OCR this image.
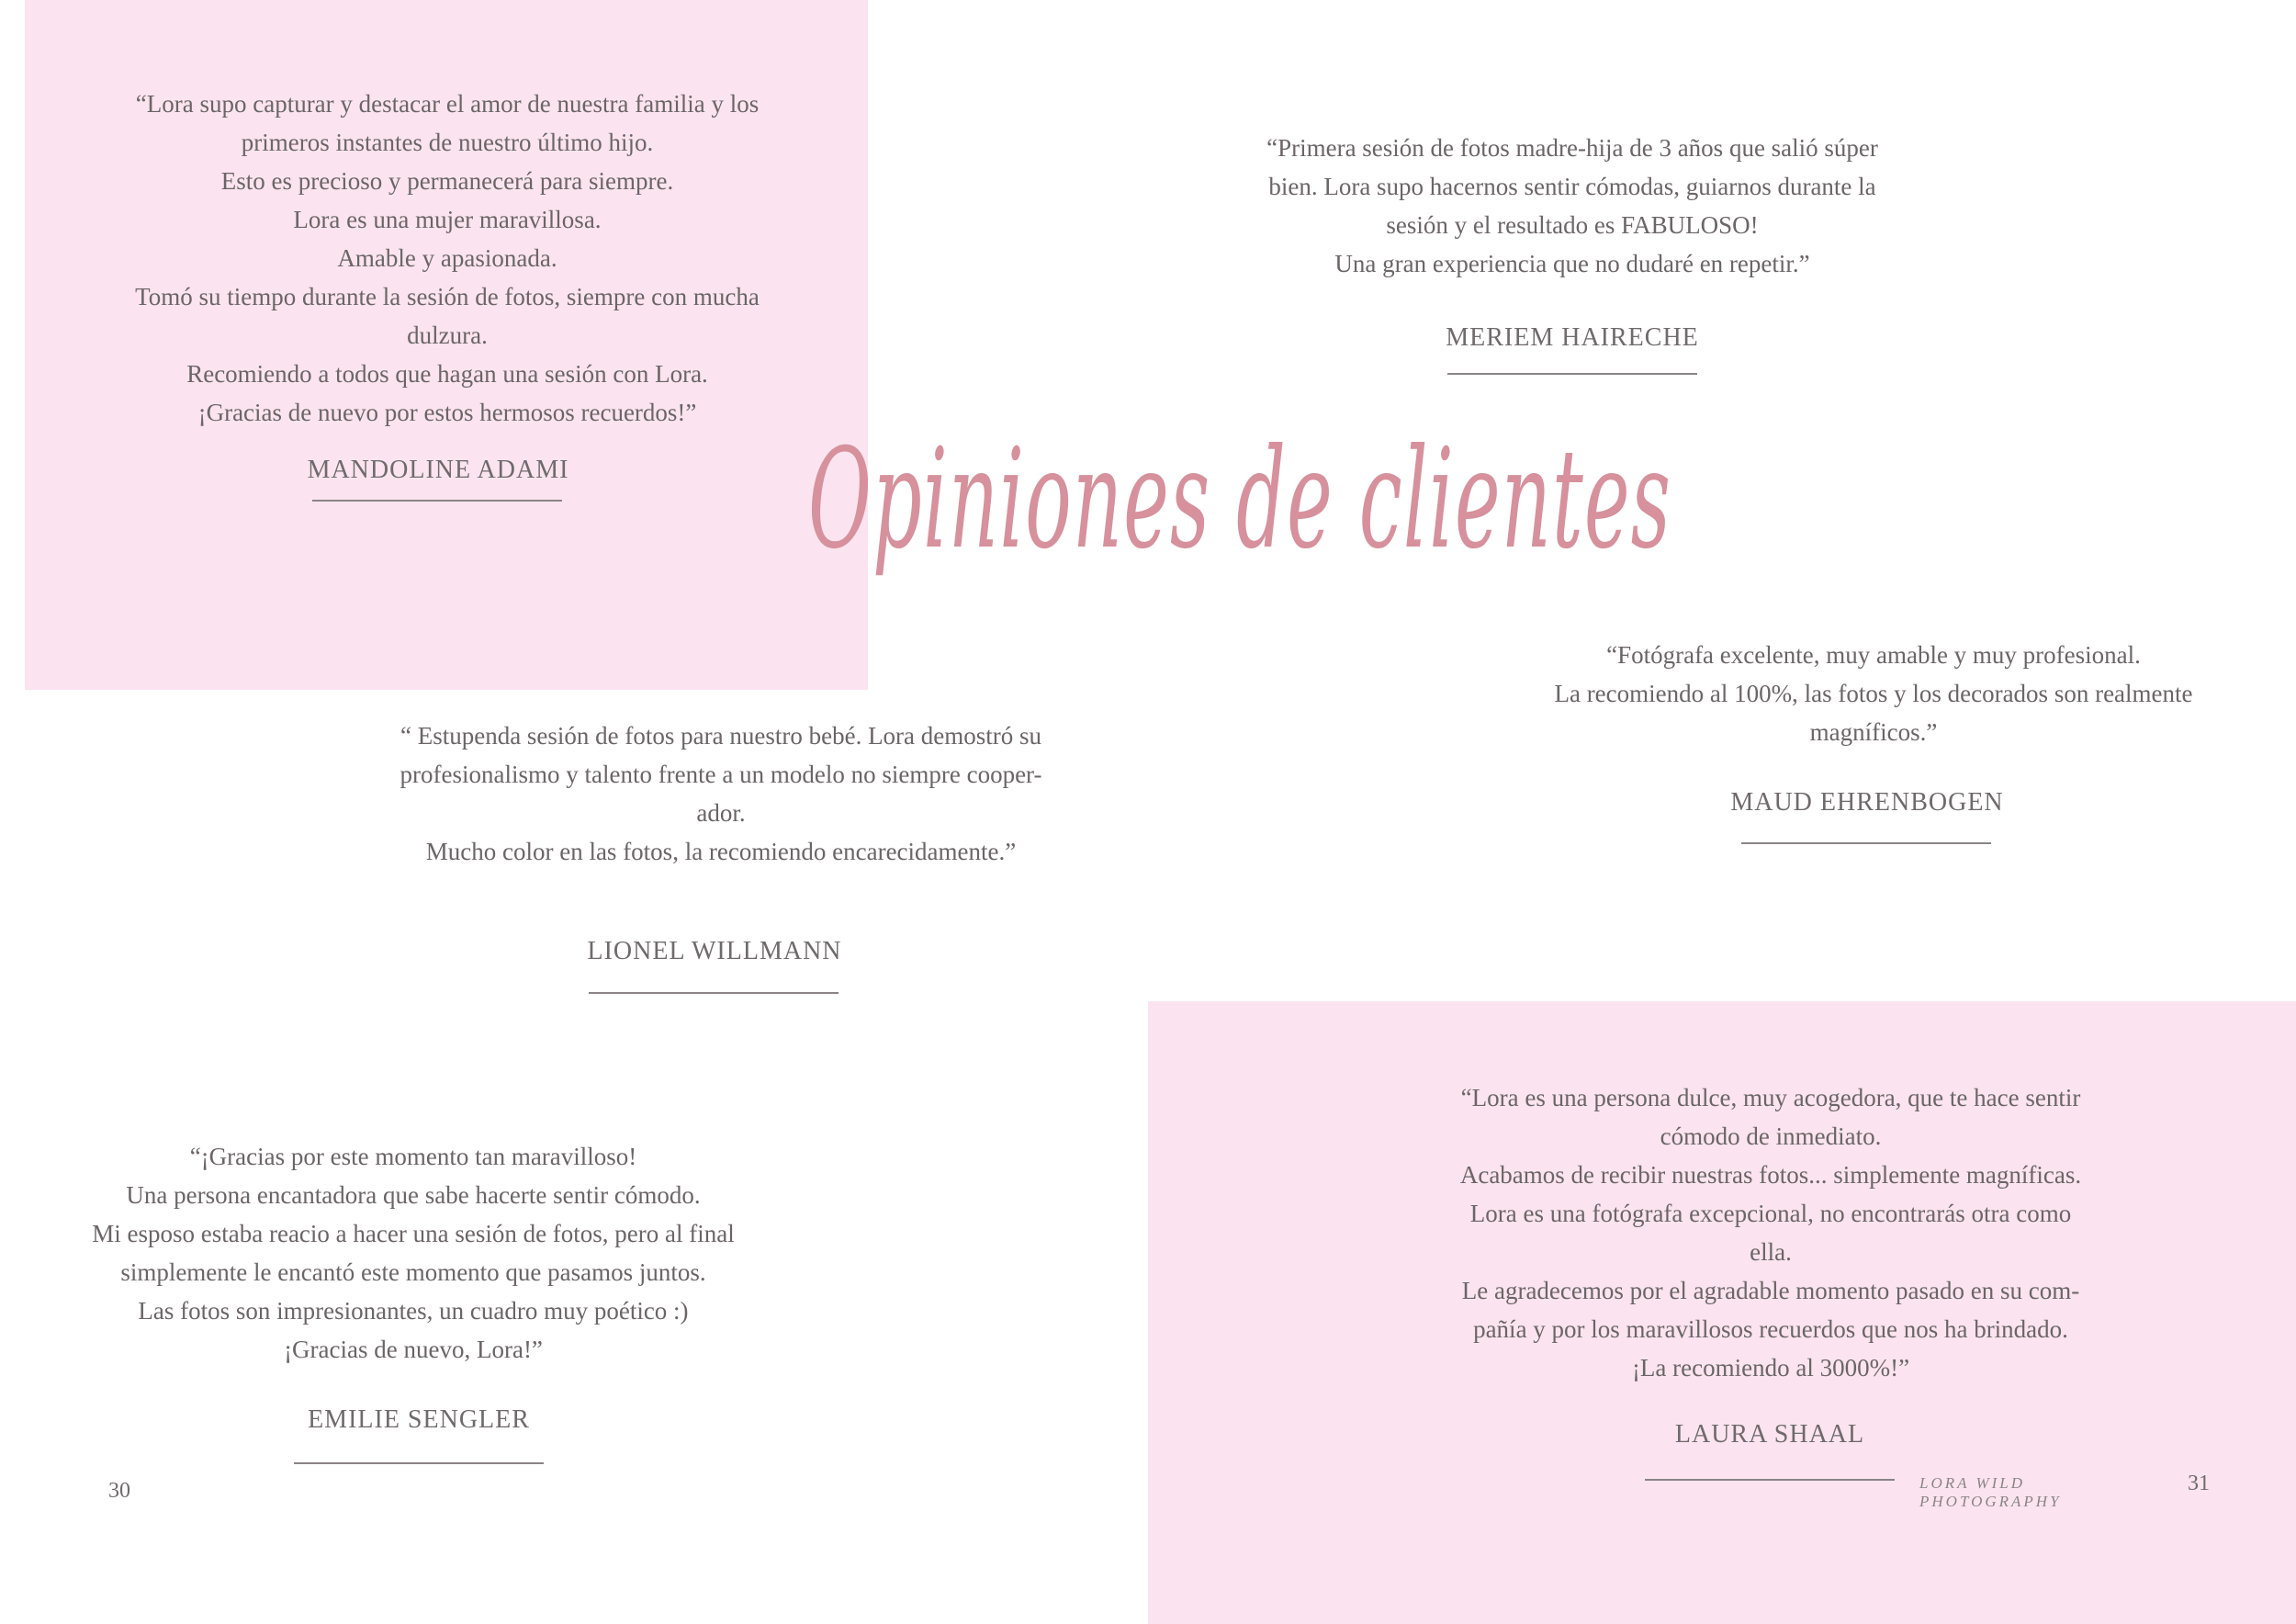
“Lora supo capturar y destacar el amor de nuestra familia y los

primeros instantes de nuestro último hijo.

Esto es precioso y permanecerá para siempre.

Lora es una mujer maravillosa.

Amable y apasionada.

Tomó su tiempo durante la sesión de fotos, siempre con mucha

dulzura.

Recomiendo a todos que hagan una sesión con Lora.

¡Gracias de nuevo por estos hermosos recuerdos!”

MANDOLINE ADAMI

“Primera sesión de fotos madre-hija de 3 años que salió súper

bien. Lora supo hacernos sentir cómodas, guiarnos durante la

sesión y el resultado es FABULOSO!

Una gran experiencia que no dudaré en repetir.”

MERIEM HAIRECHE

“Fotógrafa excelente, muy amable y muy profesional.

La recomiendo al 100%, las fotos y los decorados son realmente

magníficos.”

MAUD EHRENBOGEN

“ Estupenda sesión de fotos para nuestro bebé. Lora demostró su

profesionalismo y talento frente a un modelo no siempre cooper-

ador.

Mucho color en las fotos, la recomiendo encarecidamente.”

LIONEL WILLMANN

“¡Gracias por este momento tan maravilloso!

Una persona encantadora que sabe hacerte sentir cómodo.

Mi esposo estaba reacio a hacer una sesión de fotos, pero al final

simplemente le encantó este momento que pasamos juntos.

Las fotos son impresionantes, un cuadro muy poético :)

¡Gracias de nuevo, Lora!”

EMILIE SENGLER

“Lora es una persona dulce, muy acogedora, que te hace sentir

cómodo de inmediato.

Acabamos de recibir nuestras fotos... simplemente magníficas.

Lora es una fotógrafa excepcional, no encontrarás otra como

ella.

Le agradecemos por el agradable momento pasado en su com-

pañía y por los maravillosos recuerdos que nos ha brindado.

¡La recomiendo al 3000%!”

LAURA SHAAL
Opiniones de clientes
30	LORA WILD PHOTOGRAPHY
31
